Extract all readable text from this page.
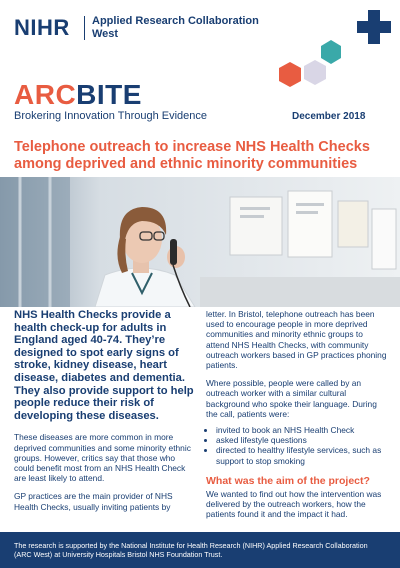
NIHR Applied Research Collaboration
West
ARCBITE
Brokering Innovation Through Evidence	December 2018
Telephone outreach to increase NHS Health Checks
among deprived and ethnic minority communities

NHS Health Checks provide a health check-up for adults in England aged 40-74. They’re designed to spot early signs of stroke, kidney disease, heart disease, diabetes and dementia. They also provide support to help people reduce their risk of developing these diseases.

These diseases are more common in more deprived communities and some minority ethnic groups. However, critics say that those who could benefit most from an NHS Health Check are least likely to attend.

GP practices are the main provider of NHS Health Checks, usually inviting patients by

letter. In Bristol, telephone outreach has been used to encourage people in more deprived communities and minority ethnic groups to attend NHS Health Checks, with community outreach workers based in GP practices phoning patients.

Where possible, people were called by an outreach worker with a similar cultural background who spoke their language. During the call, patients were:

• invited to book an NHS Health Check
• asked lifestyle questions
• directed to healthy lifestyle services, such as support to stop smoking
What was the aim of the project?

We wanted to find out how the intervention was delivered by the outreach workers, how the patients found it and the impact it had.

The research is supported by the National Institute for Health Research (NIHR) Applied Research Collaboration (ARC West) at University Hospitals Bristol NHS Foundation Trust.
